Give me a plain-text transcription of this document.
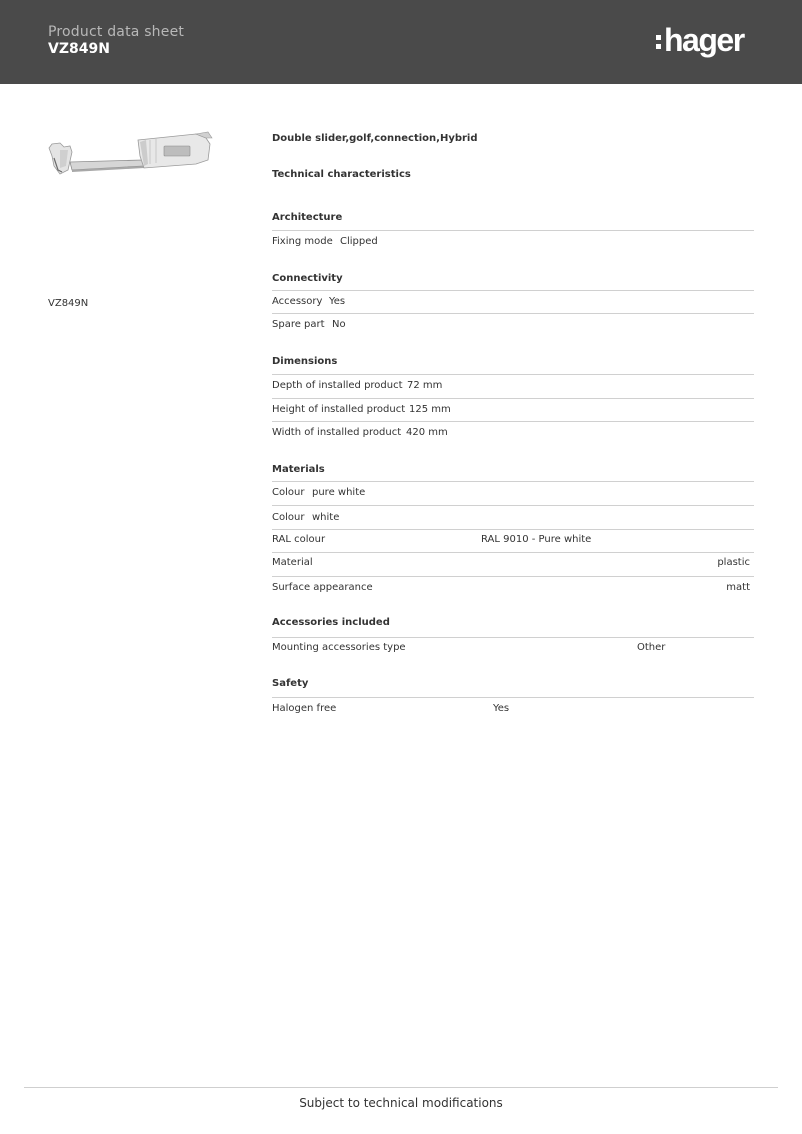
Product data sheet
VZ849N	hager
VZ849N
Double slider,golf,connection,Hybrid
Technical characteristics
Architecture
Fixing mode Clipped
Connectivity
Accessory Yes
Spare part No
Dimensions
Depth of installed product 72 mm
Height of installed product 125 mm
Width of installed product 420 mm
Materials
Colour pure white
Colour white
RAL colour	RAL 9010 - Pure white
Material	plastic
Surface appearance	matt
Accessories included
Mounting accessories type	Other
Safety
Halogen free	Yes
Subject to technical modifications
